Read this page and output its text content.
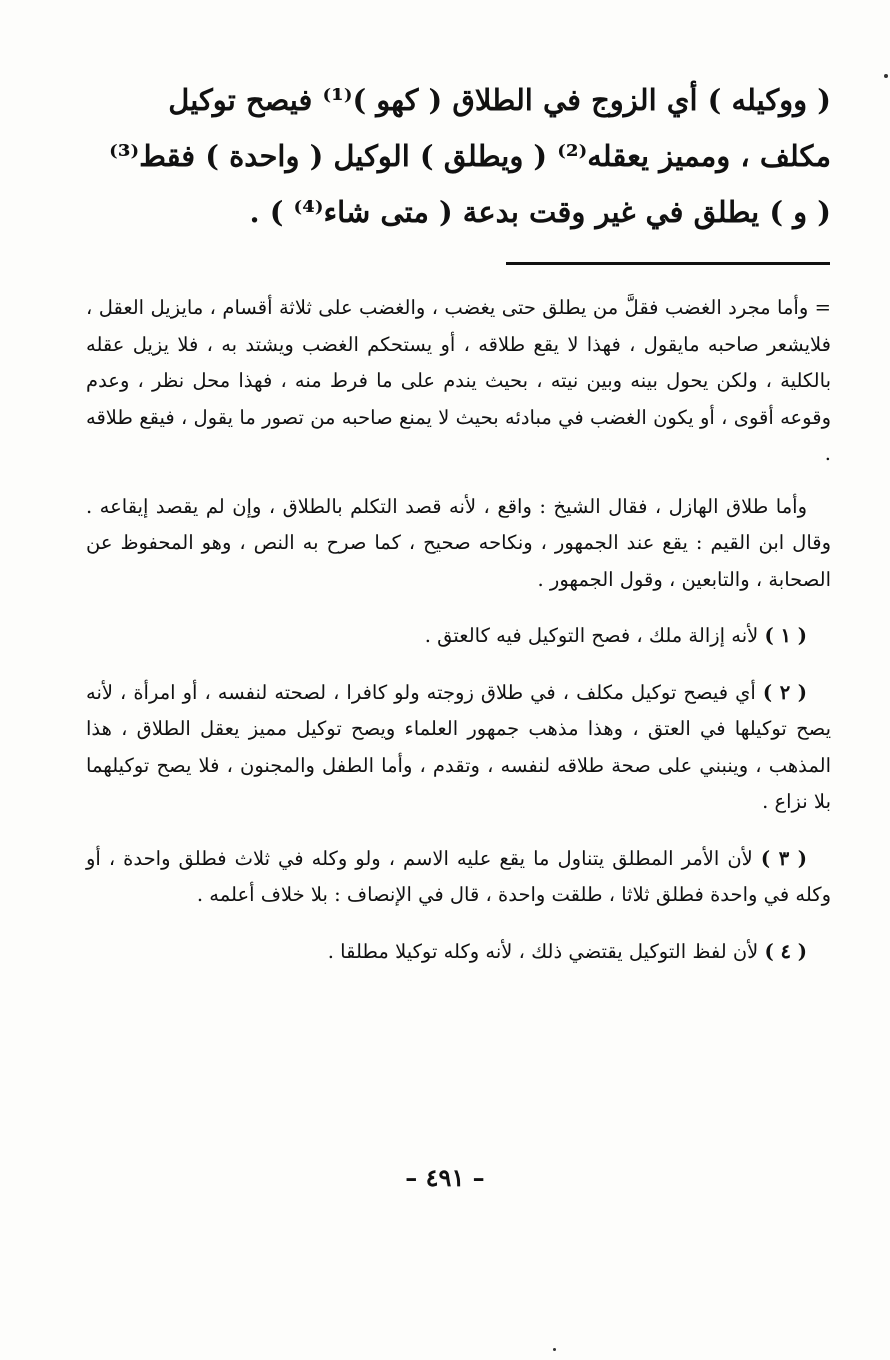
( ووكيله ) أي الزوج في الطلاق ( كهو )⁽¹⁾ فيصح توكيل

مكلف ، ومميز يعقله⁽²⁾ ( ويطلق ) الوكيل ( واحدة ) فقط⁽³⁾

( و ) يطلق في غير وقت بدعة ( متى شاء⁽⁴⁾ ) .

= وأما مجرد الغضب فقلَّ من يطلق حتى يغضب ، والغضب على ثلاثة أقسام ، مايزيل العقل ، فلايشعر صاحبه مايقول ، فهذا لا يقع طلاقه ، أو يستحكم الغضب ويشتد به ، فلا يزيل عقله بالكلية ، ولكن يحول بينه وبين نيته ، بحيث يندم على ما فرط منه ، فهذا محل نظر ، وعدم وقوعه أقوى ، أو يكون الغضب في مبادئه بحيث لا يمنع صاحبه من تصور ما يقول ، فيقع طلاقه .

وأما طلاق الهازل ، فقال الشيخ : واقع ، لأنه قصد التكلم بالطلاق ، وإن لم يقصد إيقاعه . وقال ابن القيم : يقع عند الجمهور ، ونكاحه صحيح ، كما صرح به النص ، وهو المحفوظ عن الصحابة ، والتابعين ، وقول الجمهور .

( ١ ) لأنه إزالة ملك ، فصح التوكيل فيه كالعتق .

( ٢ ) أي فيصح توكيل مكلف ، في طلاق زوجته ولو كافرا ، لصحته لنفسه ، أو امرأة ، لأنه يصح توكيلها في العتق ، وهذا مذهب جمهور العلماء ويصح توكيل مميز يعقل الطلاق ، هذا المذهب ، وينبني على صحة طلاقه لنفسه ، وتقدم ، وأما الطفل والمجنون ، فلا يصح توكيلهما بلا نزاع .

( ٣ ) لأن الأمر المطلق يتناول ما يقع عليه الاسم ، ولو وكله في ثلاث فطلق واحدة ، أو وكله في واحدة فطلق ثلاثا ، طلقت واحدة ، قال في الإنصاف : بلا خلاف أعلمه .

( ٤ ) لأن لفظ التوكيل يقتضي ذلك ، لأنه وكله توكيلا مطلقا .

– ٤٩١ –
